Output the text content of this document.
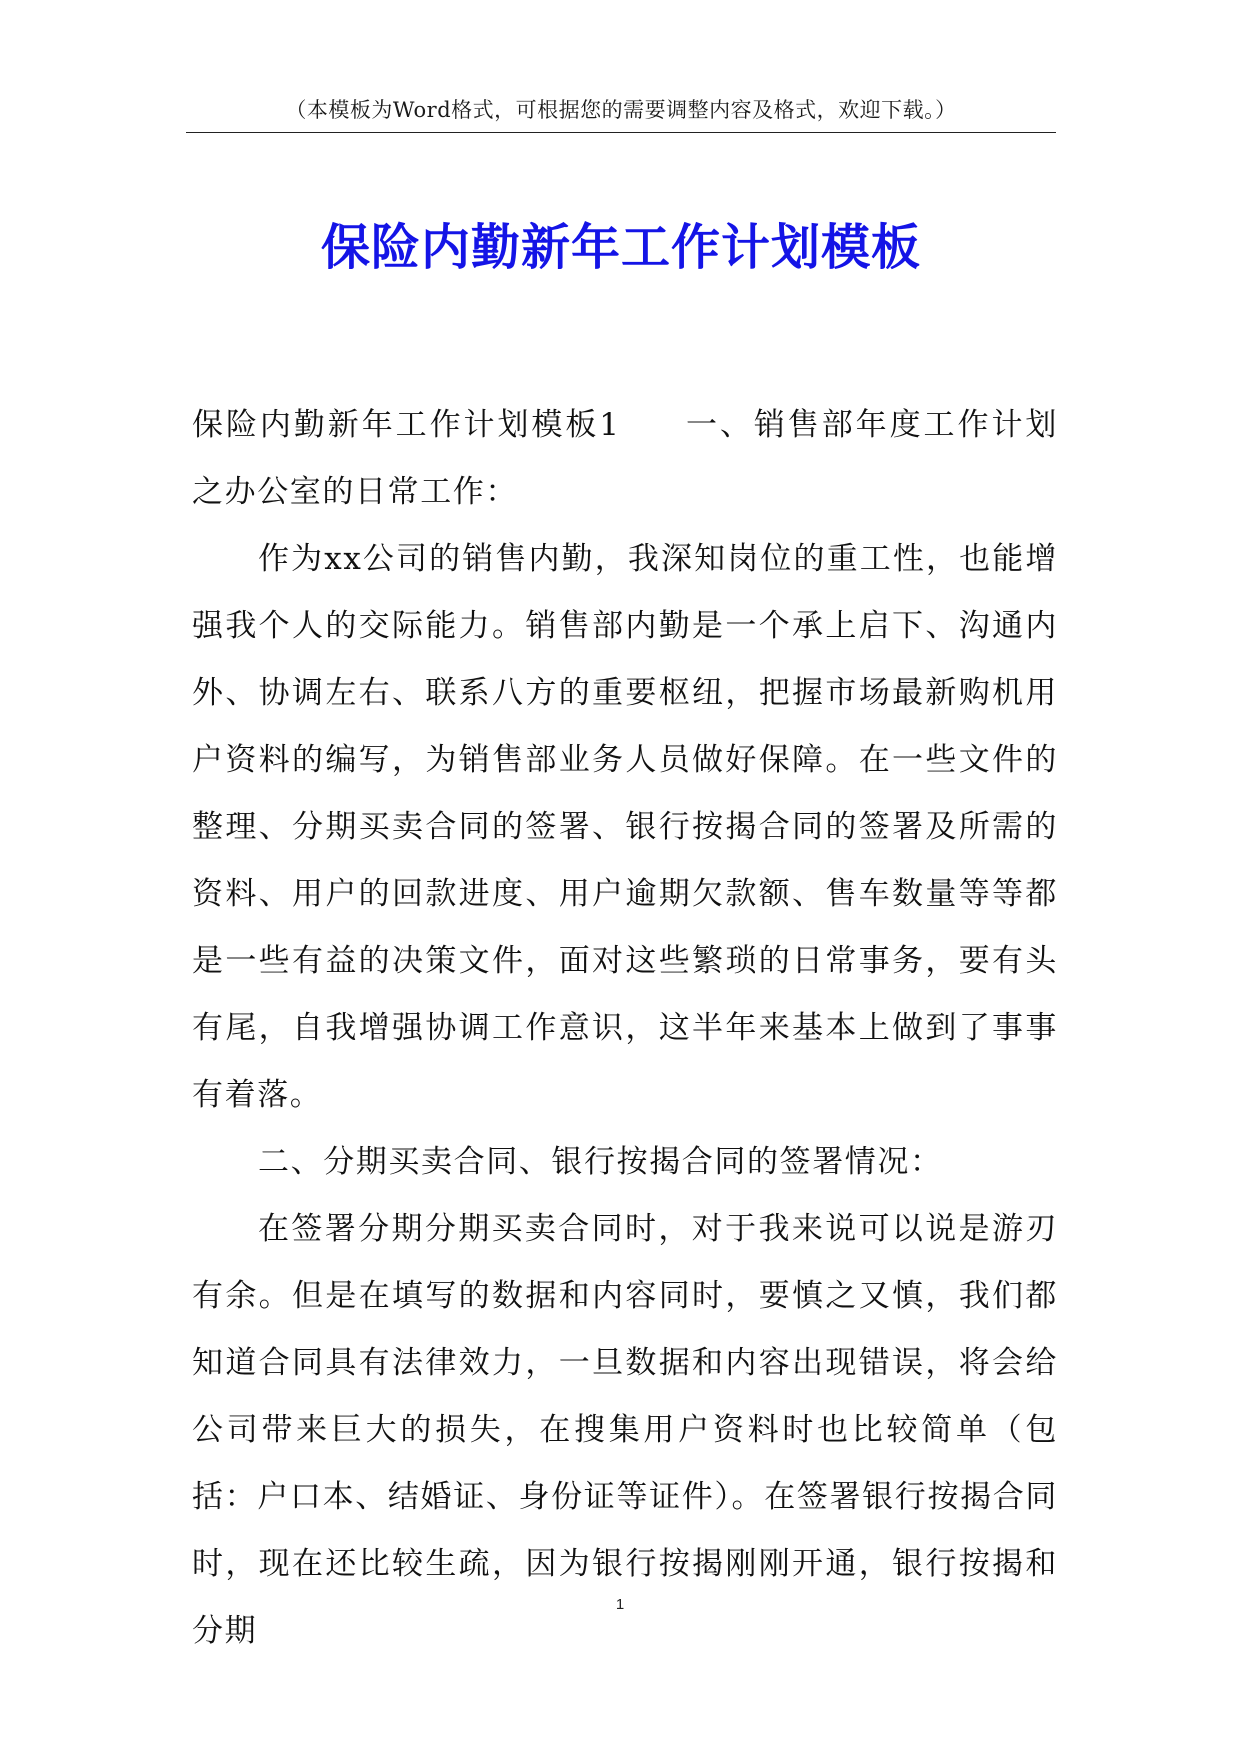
（本模板为Word格式，可根据您的需要调整内容及格式，欢迎下载。）
保险内勤新年工作计划模板

保险内勤新年工作计划模板1 一、销售部年度工作计划之办公室的日常工作：

作为xx公司的销售内勤，我深知岗位的重工性，也能增强我个人的交际能力。销售部内勤是一个承上启下、沟通内外、协调左右、联系八方的重要枢纽，把握市场最新购机用户资料的编写，为销售部业务人员做好保障。在一些文件的整理、分期买卖合同的签署、银行按揭合同的签署及所需的资料、用户的回款进度、用户逾期欠款额、售车数量等等都是一些有益的决策文件，面对这些繁琐的日常事务，要有头有尾，自我增强协调工作意识，这半年来基本上做到了事事有着落。

二、分期买卖合同、银行按揭合同的签署情况：

在签署分期分期买卖合同时，对于我来说可以说是游刃有余。但是在填写的数据和内容同时，要慎之又慎，我们都知道合同具有法律效力，一旦数据和内容出现错误，将会给公司带来巨大的损失，在搜集用户资料时也比较简单（包括：户口本、结婚证、身份证等证件）。在签署银行按揭合同时，现在还比较生疏，因为银行按揭刚刚开通，银行按揭和分期

1
